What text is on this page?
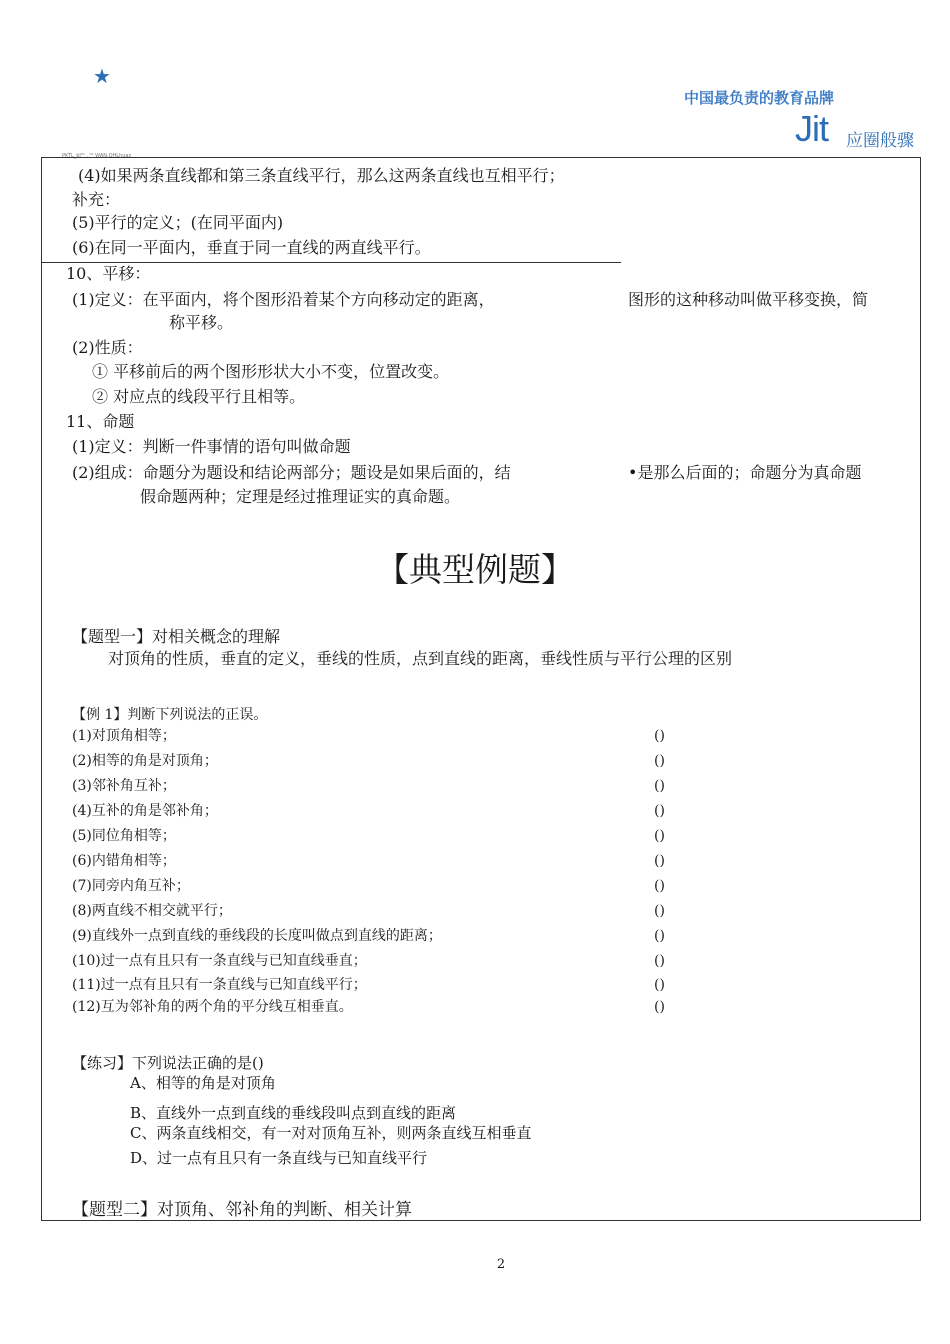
★
中国最负责的教育品牌
Jit 应圈般骤
PKTL_bl⁰¹ . ⁰¹ WAN.OHLhuaz
(4)如果两条直线都和第三条直线平行，那么这两条直线也互相平行；
补充：
(5)平行的定义；(在同平面内)
(6)在同一平面内，垂直于同一直线的两直线平行。
10、平移：
(1)定义：在平面内，将个图形沿着某个方向移动定的距离，	图形的这种移动叫做平移变换，简
称平移。
(2)性质：
① 平移前后的两个图形形状大小不变，位置改变。
② 对应点的线段平行且相等。
11、命题
(1)定义：判断一件事情的语句叫做命题
(2)组成：命题分为题设和结论两部分；题设是如果后面的，结	•是那么后面的；命题分为真命题
假命题两种；定理是经过推理证实的真命题。
【典型例题】
【题型一】对相关概念的理解
对顶角的性质，垂直的定义，垂线的性质，点到直线的距离，垂线性质与平行公理的区别
【例 1】判断下列说法的正误。
(1)对顶角相等；	()
(2)相等的角是对顶角；	()
(3)邻补角互补；	()
(4)互补的角是邻补角；	()
(5)同位角相等；	()
(6)内错角相等；	()
(7)同旁内角互补；	()
(8)两直线不相交就平行；	()
(9)直线外一点到直线的垂线段的长度叫做点到直线的距离；	()
(10)过一点有且只有一条直线与已知直线垂直；	()
(11)过一点有且只有一条直线与已知直线平行；	()
(12)互为邻补角的两个角的平分线互相垂直。	()
【练习】下列说法正确的是()
A、相等的角是对顶角
B、直线外一点到直线的垂线段叫点到直线的距离
C、两条直线相交，有一对对顶角互补，则两条直线互相垂直
D、过一点有且只有一条直线与已知直线平行
【题型二】对顶角、邻补角的判断、相关计算
2
